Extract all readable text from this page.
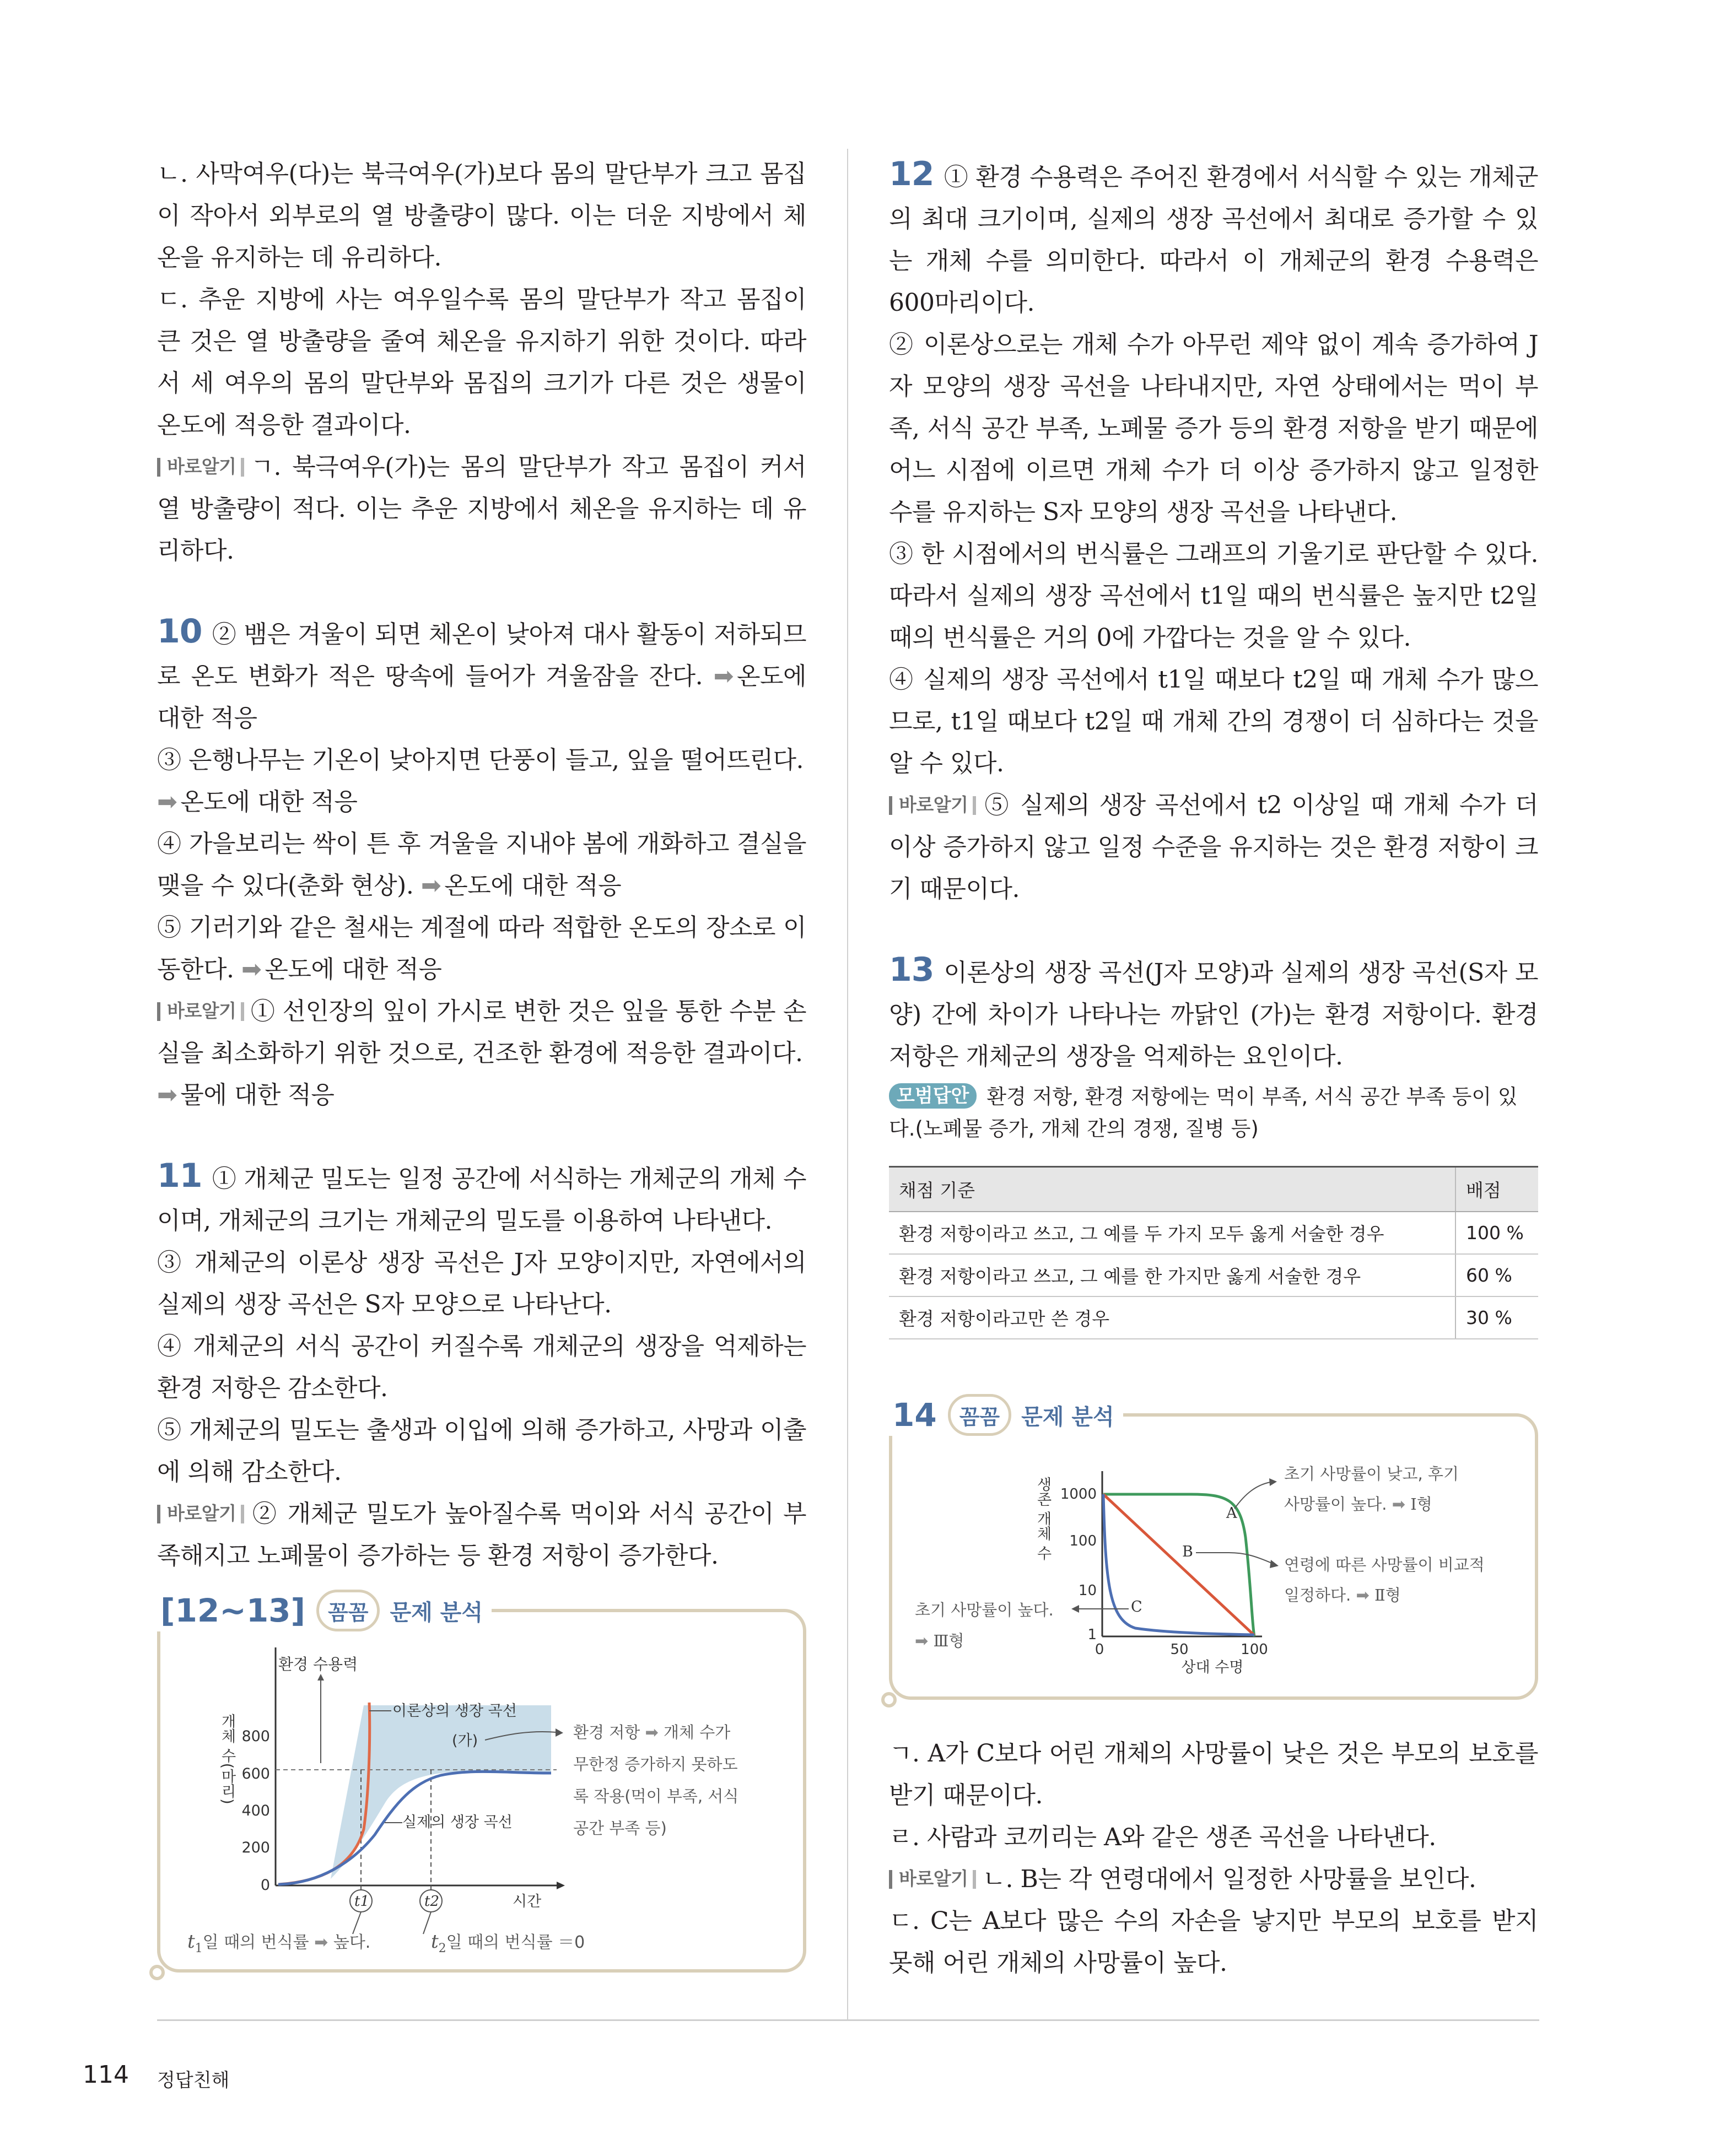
ㄴ. 사막여우(다)는 북극여우(가)보다 몸의 말단부가 크고 몸집이 작아서 외부로의 열 방출량이 많다. 이는 더운 지방에서 체온을 유지하는 데 유리하다.

ㄷ. 추운 지방에 사는 여우일수록 몸의 말단부가 작고 몸집이 큰 것은 열 방출량을 줄여 체온을 유지하기 위한 것이다. 따라서 세 여우의 몸의 말단부와 몸집의 크기가 다른 것은 생물이 온도에 적응한 결과이다.

바로알기 ㄱ. 북극여우(가)는 몸의 말단부가 작고 몸집이 커서 열 방출량이 적다. 이는 추운 지방에서 체온을 유지하는 데 유리하다.

10 ② 뱀은 겨울이 되면 체온이 낮아져 대사 활동이 저하되므로 온도 변화가 적은 땅속에 들어가 겨울잠을 잔다. ➡ 온도에 대한 적응

③ 은행나무는 기온이 낮아지면 단풍이 들고, 잎을 떨어뜨린다.
➡ 온도에 대한 적응

④ 가을보리는 싹이 튼 후 겨울을 지내야 봄에 개화하고 결실을 맺을 수 있다(춘화 현상). ➡ 온도에 대한 적응

⑤ 기러기와 같은 철새는 계절에 따라 적합한 온도의 장소로 이동한다. ➡ 온도에 대한 적응

바로알기 ① 선인장의 잎이 가시로 변한 것은 잎을 통한 수분 손실을 최소화하기 위한 것으로, 건조한 환경에 적응한 결과이다.
➡ 물에 대한 적응

11 ① 개체군 밀도는 일정 공간에 서식하는 개체군의 개체 수이며, 개체군의 크기는 개체군의 밀도를 이용하여 나타낸다.

③ 개체군의 이론상 생장 곡선은 J자 모양이지만, 자연에서의 실제의 생장 곡선은 S자 모양으로 나타난다.

④ 개체군의 서식 공간이 커질수록 개체군의 생장을 억제하는 환경 저항은 감소한다.

⑤ 개체군의 밀도는 출생과 이입에 의해 증가하고, 사망과 이출에 의해 감소한다.

바로알기 ② 개체군 밀도가 높아질수록 먹이와 서식 공간이 부족해지고 노폐물이 증가하는 등 환경 저항이 증가한다.

[12~13]	꼼꼼 문제 분석
0
200
400
600
800
개체 수(마리)
환경 수용력
이론상의 생장 곡선
(가)
실제의 생장 곡선
시간
t1	t2
환경 저항 ➡ 개체 수가
무한정 증가하지 못하도
록 작용(먹이 부족, 서식
공간 부족 등)
$t_1$일 때의 번식률 ➡ 높다.	$t_2$일 때의 번식률 ＝0

12 ① 환경 수용력은 주어진 환경에서 서식할 수 있는 개체군의 최대 크기이며, 실제의 생장 곡선에서 최대로 증가할 수 있는 개체 수를 의미한다. 따라서 이 개체군의 환경 수용력은 600마리이다.

② 이론상으로는 개체 수가 아무런 제약 없이 계속 증가하여 J자 모양의 생장 곡선을 나타내지만, 자연 상태에서는 먹이 부족, 서식 공간 부족, 노폐물 증가 등의 환경 저항을 받기 때문에 어느 시점에 이르면 개체 수가 더 이상 증가하지 않고 일정한 수를 유지하는 S자 모양의 생장 곡선을 나타낸다.

③ 한 시점에서의 번식률은 그래프의 기울기로 판단할 수 있다. 따라서 실제의 생장 곡선에서 t1일 때의 번식률은 높지만 t2일 때의 번식률은 거의 0에 가깝다는 것을 알 수 있다.

④ 실제의 생장 곡선에서 t1일 때보다 t2일 때 개체 수가 많으므로, t1일 때보다 t2일 때 개체 간의 경쟁이 더 심하다는 것을 알 수 있다.

바로알기 ⑤ 실제의 생장 곡선에서 t2 이상일 때 개체 수가 더 이상 증가하지 않고 일정 수준을 유지하는 것은 환경 저항이 크기 때문이다.

13 이론상의 생장 곡선(J자 모양)과 실제의 생장 곡선(S자 모양) 간에 차이가 나타나는 까닭인 (가)는 환경 저항이다. 환경 저항은 개체군의 생장을 억제하는 요인이다.

모범답안 환경 저항, 환경 저항에는 먹이 부족, 서식 공간 부족 등이 있다.(노폐물 증가, 개체 간의 경쟁, 질병 등)

채점 기준	배점
환경 저항이라고 쓰고, 그 예를 두 가지 모두 옳게 서술한 경우	100 %
환경 저항이라고 쓰고, 그 예를 한 가지만 옳게 서술한 경우	60 %
환경 저항이라고만 쓴 경우	30 %
14	꼼꼼 문제 분석
1
10
100
1000
0	50	100
상대 수명
생존 개체 수	A
B
C
초기 사망률이 낮고, 후기
사망률이 높다. ➡ Ⅰ형
연령에 따른 사망률이 비교적
일정하다. ➡ Ⅱ형
초기 사망률이 높다.
➡ Ⅲ형

ㄱ. A가 C보다 어린 개체의 사망률이 낮은 것은 부모의 보호를 받기 때문이다.

ㄹ. 사람과 코끼리는 A와 같은 생존 곡선을 나타낸다.

바로알기 ㄴ. B는 각 연령대에서 일정한 사망률을 보인다.

ㄷ. C는 A보다 많은 수의 자손을 낳지만 부모의 보호를 받지 못해 어린 개체의 사망률이 높다.

114 정답친해
